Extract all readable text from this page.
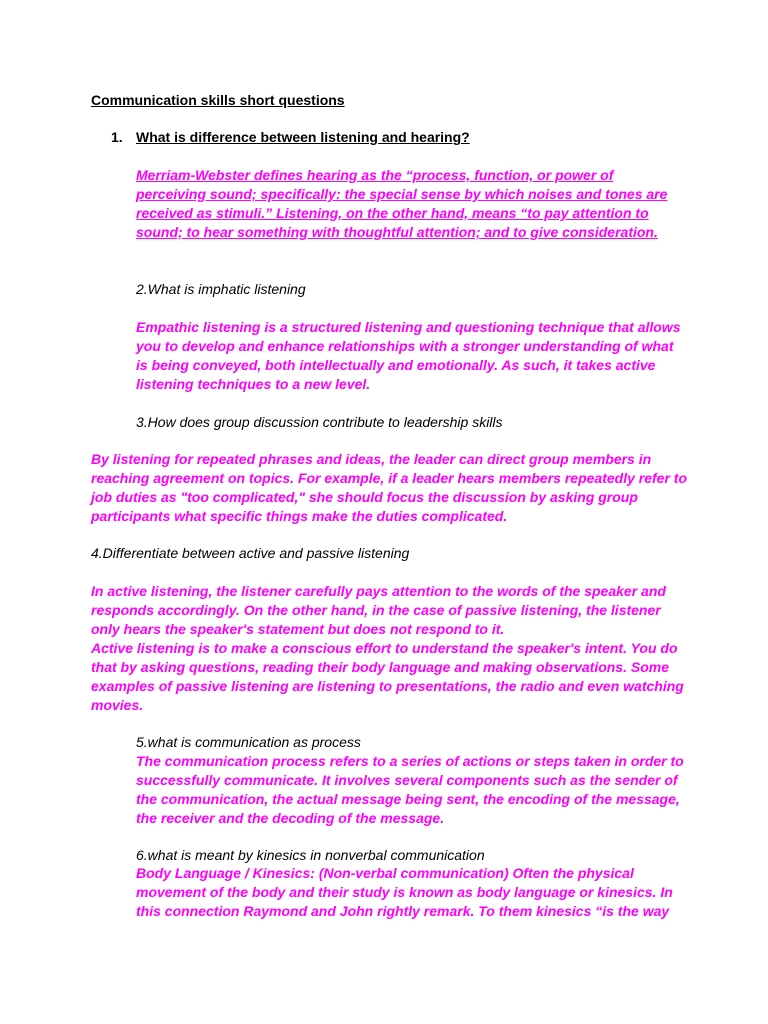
Communication skills short questions
1. What is difference between listening and hearing?
Merriam-Webster defines hearing as the “process, function, or power of
perceiving sound; specifically: the special sense by which noises and tones are
received as stimuli.” Listening, on the other hand, means “to pay attention to
sound; to hear something with thoughtful attention; and to give consideration.
2.What is imphatic listening
Empathic listening is a structured listening and questioning technique that allows
you to develop and enhance relationships with a stronger understanding of what
is being conveyed, both intellectually and emotionally. As such, it takes active
listening techniques to a new level.
3.How does group discussion contribute to leadership skills
By listening for repeated phrases and ideas, the leader can direct group members in
reaching agreement on topics. For example, if a leader hears members repeatedly refer to
job duties as "too complicated," she should focus the discussion by asking group
participants what specific things make the duties complicated.
4.Differentiate between active and passive listening
In active listening, the listener carefully pays attention to the words of the speaker and
responds accordingly. On the other hand, in the case of passive listening, the listener
only hears the speaker's statement but does not respond to it.
Active listening is to make a conscious effort to understand the speaker's intent. You do
that by asking questions, reading their body language and making observations. Some
examples of passive listening are listening to presentations, the radio and even watching
movies.
5.what is communication as process
The communication process refers to a series of actions or steps taken in order to
successfully communicate. It involves several components such as the sender of
the communication, the actual message being sent, the encoding of the message,
the receiver and the decoding of the message.
6.what is meant by kinesics in nonverbal communication
Body Language / Kinesics: (Non-verbal communication) Often the physical
movement of the body and their study is known as body language or kinesics. In
this connection Raymond and John rightly remark. To them kinesics “is the way
